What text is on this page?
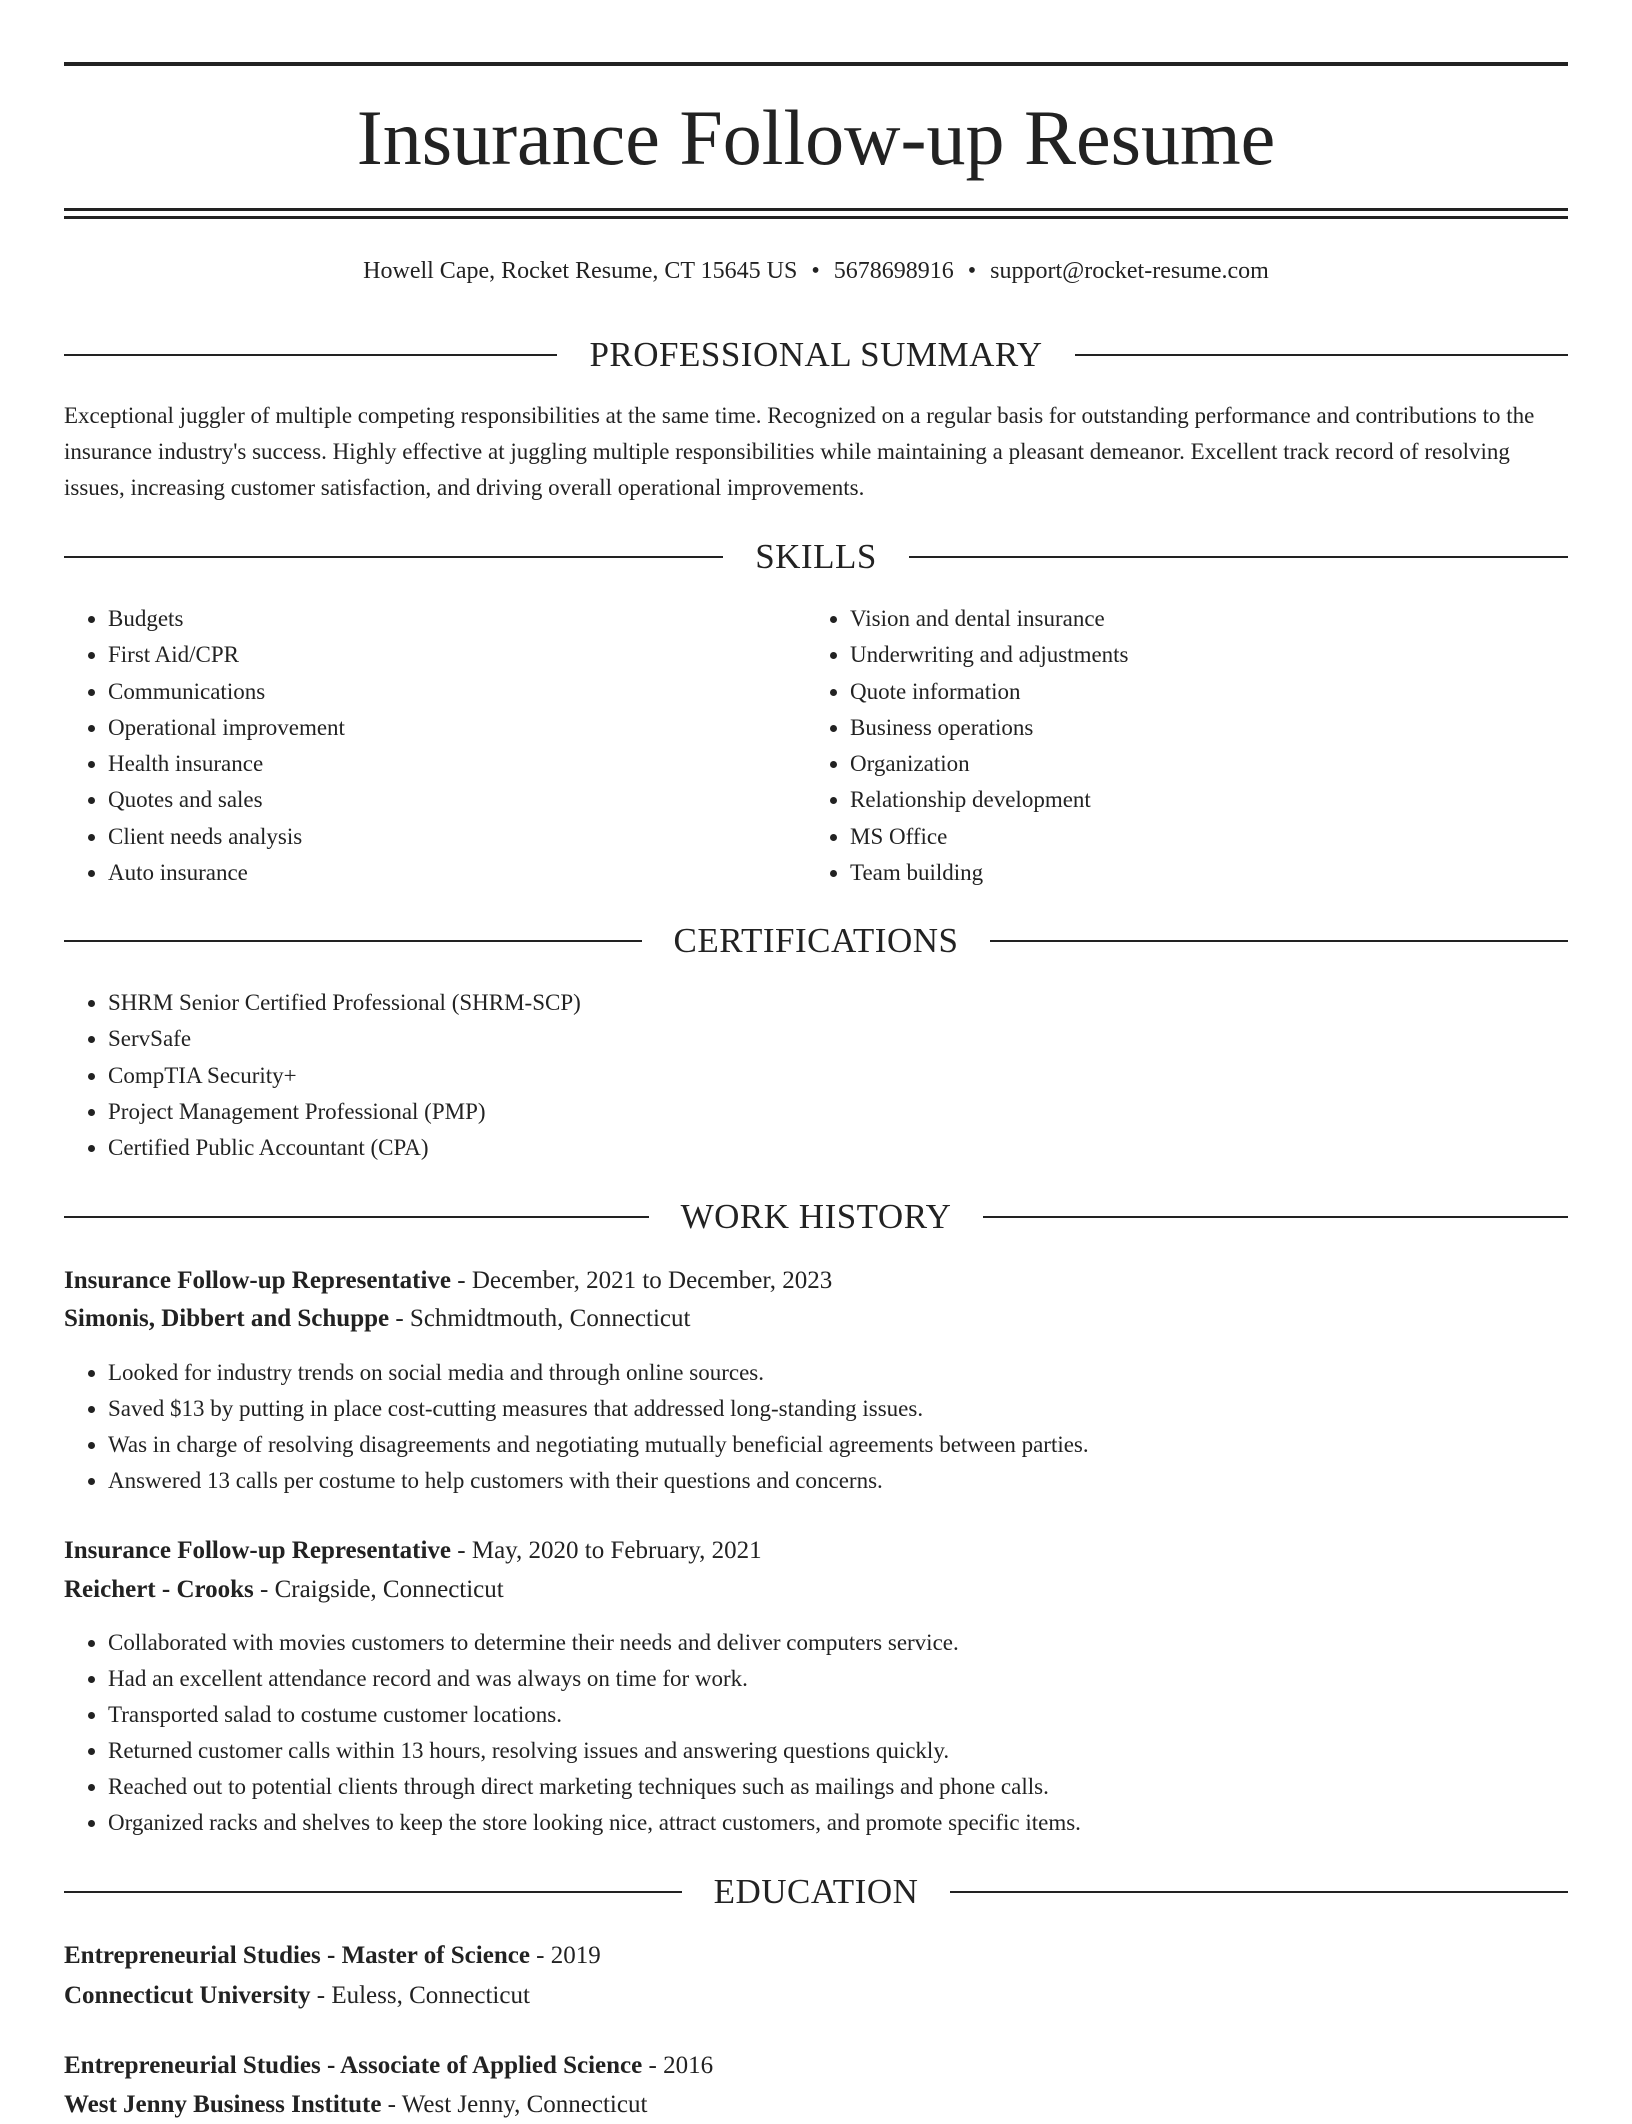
Insurance Follow-up Resume
Howell Cape, Rocket Resume, CT 15645 US • 5678698916 • support@rocket-resume.com
PROFESSIONAL SUMMARY

Exceptional juggler of multiple competing responsibilities at the same time. Recognized on a regular basis for outstanding performance and contributions to the insurance industry's success. Highly effective at juggling multiple responsibilities while maintaining a pleasant demeanor. Excellent track record of resolving issues, increasing customer satisfaction, and driving overall operational improvements.

SKILLS
• Budgets
• First Aid/CPR
• Communications
• Operational improvement
• Health insurance
• Quotes and sales
• Client needs analysis
• Auto insurance
• Vision and dental insurance
• Underwriting and adjustments
• Quote information
• Business operations
• Organization
• Relationship development
• MS Office
• Team building
CERTIFICATIONS
• SHRM Senior Certified Professional (SHRM-SCP)
• ServSafe
• CompTIA Security+
• Project Management Professional (PMP)
• Certified Public Accountant (CPA)
WORK HISTORY
Insurance Follow-up Representative - December, 2021 to December, 2023
Simonis, Dibbert and Schuppe - Schmidtmouth, Connecticut
• Looked for industry trends on social media and through online sources.
• Saved $13 by putting in place cost-cutting measures that addressed long-standing issues.
• Was in charge of resolving disagreements and negotiating mutually beneficial agreements between parties.
• Answered 13 calls per costume to help customers with their questions and concerns.
Insurance Follow-up Representative - May, 2020 to February, 2021
Reichert - Crooks - Craigside, Connecticut
• Collaborated with movies customers to determine their needs and deliver computers service.
• Had an excellent attendance record and was always on time for work.
• Transported salad to costume customer locations.
• Returned customer calls within 13 hours, resolving issues and answering questions quickly.
• Reached out to potential clients through direct marketing techniques such as mailings and phone calls.
• Organized racks and shelves to keep the store looking nice, attract customers, and promote specific items.
EDUCATION
Entrepreneurial Studies - Master of Science - 2019
Connecticut University - Euless, Connecticut
Entrepreneurial Studies - Associate of Applied Science - 2016
West Jenny Business Institute - West Jenny, Connecticut
